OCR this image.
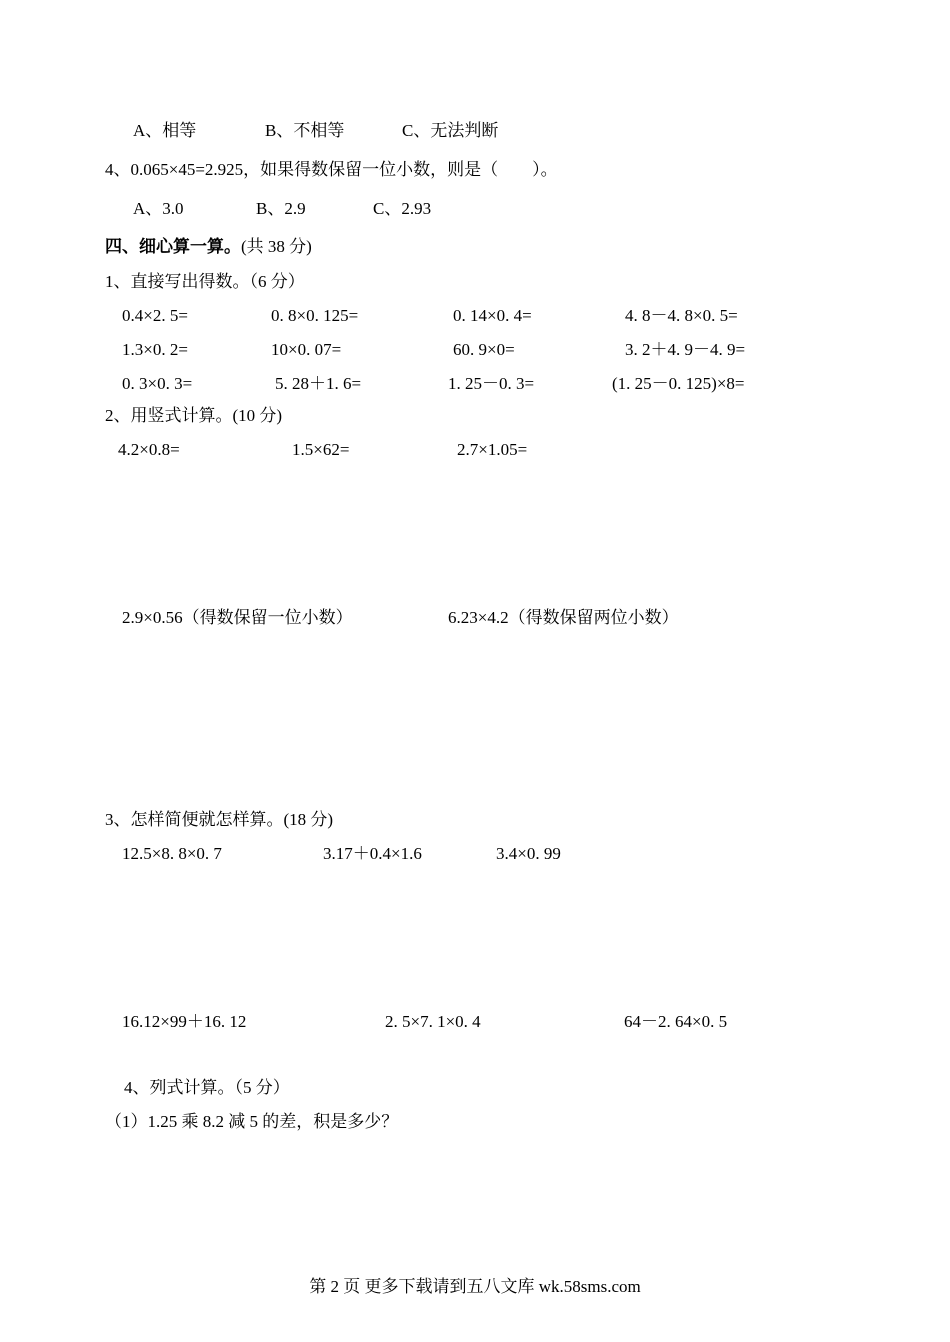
A、相等	B、不相等	C、无法判断
4、0.065×45=2.925，如果得数保留一位小数，则是（　　）。
A、3.0	B、2.9	C、2.93
四、细心算一算。(共 38 分)
1、直接写出得数。（6 分）
0.4×2. 5=	0. 8×0. 125=	0. 14×0. 4=	4. 8－4. 8×0. 5=
1.3×0. 2=	10×0. 07=	60. 9×0=	3. 2＋4. 9－4. 9=
0. 3×0. 3=	5. 28＋1. 6=	1. 25－0. 3=	(1. 25－0. 125)×8=
2、用竖式计算。(10 分)
4.2×0.8=	1.5×62=	2.7×1.05=
2.9×0.56（得数保留一位小数）	6.23×4.2（得数保留两位小数）
3、怎样简便就怎样算。(18 分)
12.5×8. 8×0. 7	3.17＋0.4×1.6	3.4×0. 99
16.12×99＋16. 12	2. 5×7. 1×0. 4	64－2. 64×0. 5
4、列式计算。（5 分）
（1）1.25 乘 8.2 减 5 的差，积是多少？
第 2 页 更多下载请到五八文库 wk.58sms.com
